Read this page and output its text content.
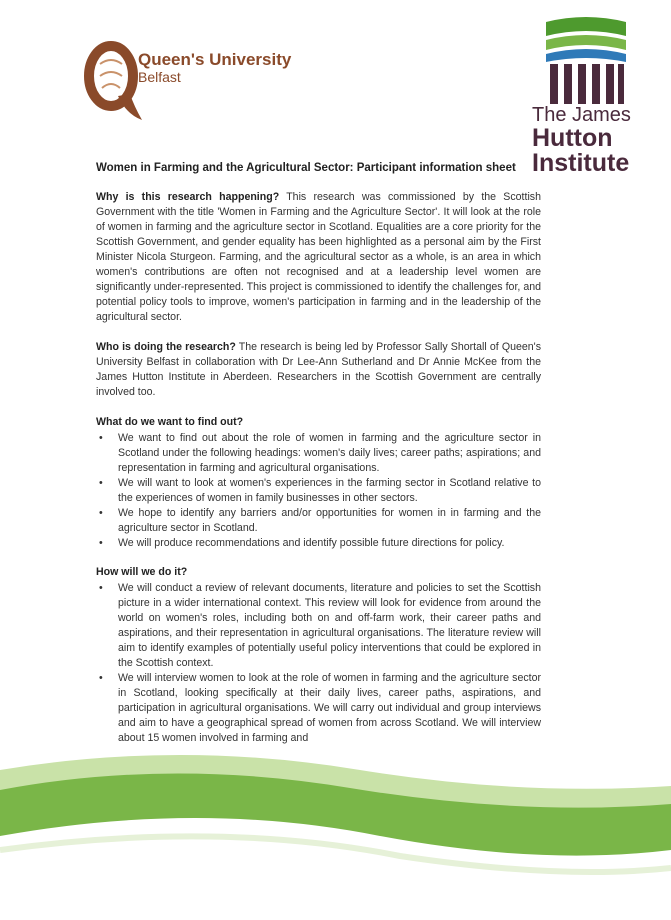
Queen's University
Belfast
The James
Hutton
Institute
Women in Farming and the Agricultural Sector: Participant information sheet

Why is this research happening? This research was commissioned by the Scottish Government with the title 'Women in Farming and the Agriculture Sector'. It will look at the role of women in farming and the agriculture sector in Scotland. Equalities are a core priority for the Scottish Government, and gender equality has been highlighted as a personal aim by the First Minister Nicola Sturgeon. Farming, and the agricultural sector as a whole, is an area in which women's contributions are often not recognised and at a leadership level women are significantly under-represented. This project is commissioned to identify the challenges for, and potential policy tools to improve, women's participation in farming and in the leadership of the agricultural sector.

Who is doing the research? The research is being led by Professor Sally Shortall of Queen's University Belfast in collaboration with Dr Lee-Ann Sutherland and Dr Annie McKee from the James Hutton Institute in Aberdeen. Researchers in the Scottish Government are centrally involved too.

What do we want to find out?
• We want to find out about the role of women in farming and the agriculture sector in Scotland under the following headings: women's daily lives; career paths; aspirations; and representation in farming and agricultural organisations.
• We will want to look at women's experiences in the farming sector in Scotland relative to the experiences of women in family businesses in other sectors.
• We hope to identify any barriers and/or opportunities for women in in farming and the agriculture sector in Scotland.
• We will produce recommendations and identify possible future directions for policy.
How will we do it?
• We will conduct a review of relevant documents, literature and policies to set the Scottish picture in a wider international context. This review will look for evidence from around the world on women's roles, including both on and off-farm work, their career paths and aspirations, and their representation in agricultural organisations. The literature review will aim to identify examples of potentially useful policy interventions that could be explored in the Scottish context.
• We will interview women to look at the role of women in farming and the agriculture sector in Scotland, looking specifically at their daily lives, career paths, aspirations, and participation in agricultural organisations. We will carry out individual and group interviews and aim to have a geographical spread of women from across Scotland. We will interview about 15 women involved in farming and
